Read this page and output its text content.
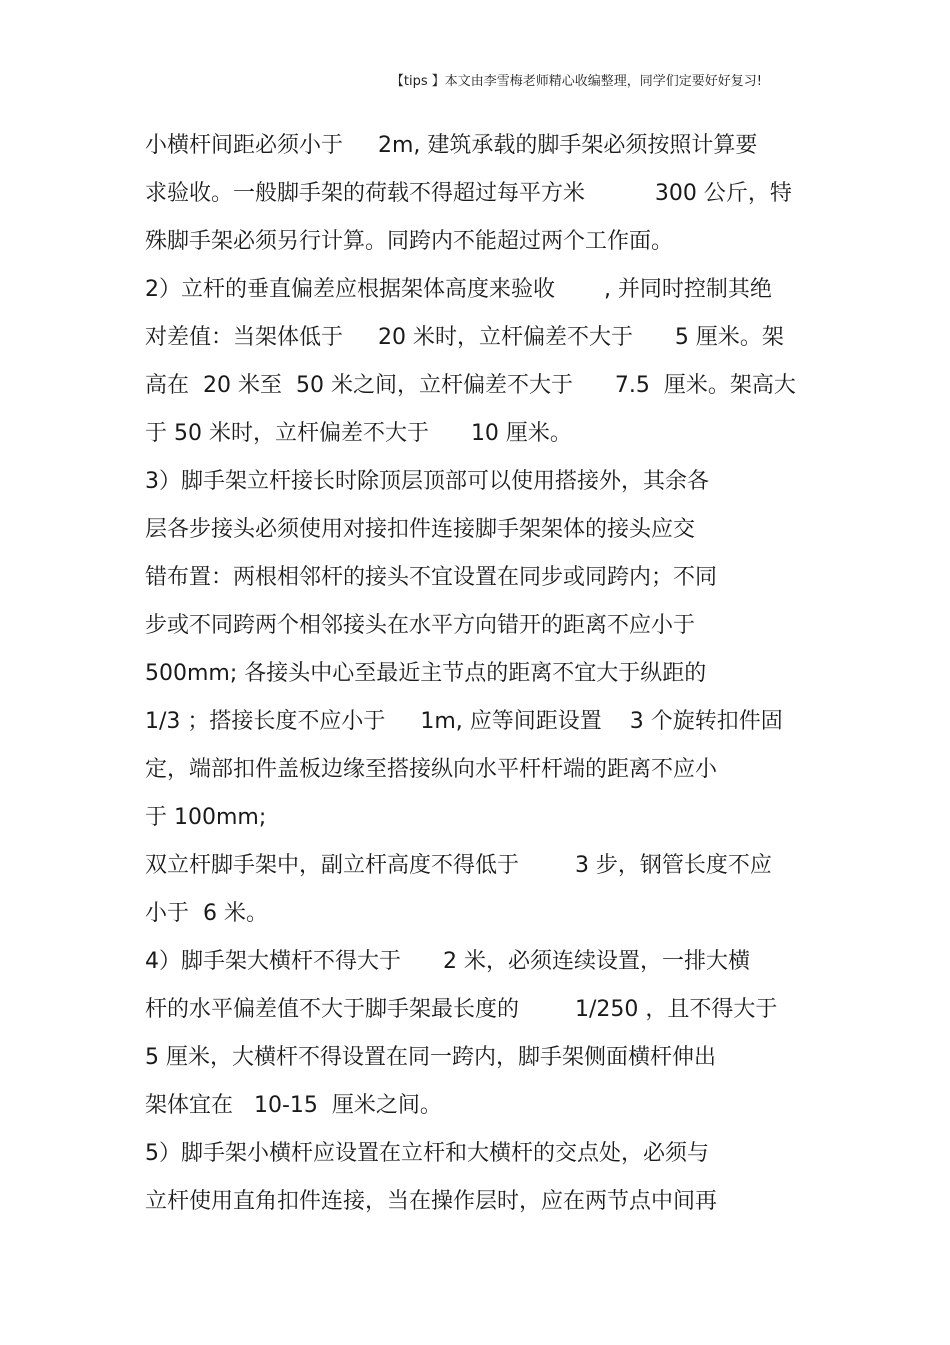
【tips 】本文由李雪梅老师精心收编整理，同学们定要好好复习!
小横杆间距必须小于     2m, 建筑承载的脚手架必须按照计算要
求验收。一般脚手架的荷载不得超过每平方米          300 公斤，特
殊脚手架必须另行计算。同跨内不能超过两个工作面。
2）立杆的垂直偏差应根据架体高度来验收       , 并同时控制其绝
对差值：当架体低于     20 米时，立杆偏差不大于      5 厘米。架
高在  20 米至  50 米之间，立杆偏差不大于      7.5  厘米。架高大
于 50 米时，立杆偏差不大于      10 厘米。
3）脚手架立杆接长时除顶层顶部可以使用搭接外，其余各
层各步接头必须使用对接扣件连接脚手架架体的接头应交
错布置：两根相邻杆的接头不宜设置在同步或同跨内；不同
步或不同跨两个相邻接头在水平方向错开的距离不应小于
500mm; 各接头中心至最近主节点的距离不宜大于纵距的
1/3 ；搭接长度不应小于     1m, 应等间距设置    3 个旋转扣件固
定，端部扣件盖板边缘至搭接纵向水平杆杆端的距离不应小
于 100mm;
双立杆脚手架中，副立杆高度不得低于        3 步，钢管长度不应
小于  6 米。
4）脚手架大横杆不得大于      2 米，必须连续设置，一排大横
杆的水平偏差值不大于脚手架最长度的        1/250 ，且不得大于
5 厘米，大横杆不得设置在同一跨内，脚手架侧面横杆伸出
架体宜在   10-15  厘米之间。
5）脚手架小横杆应设置在立杆和大横杆的交点处，必须与
立杆使用直角扣件连接，当在操作层时，应在两节点中间再
